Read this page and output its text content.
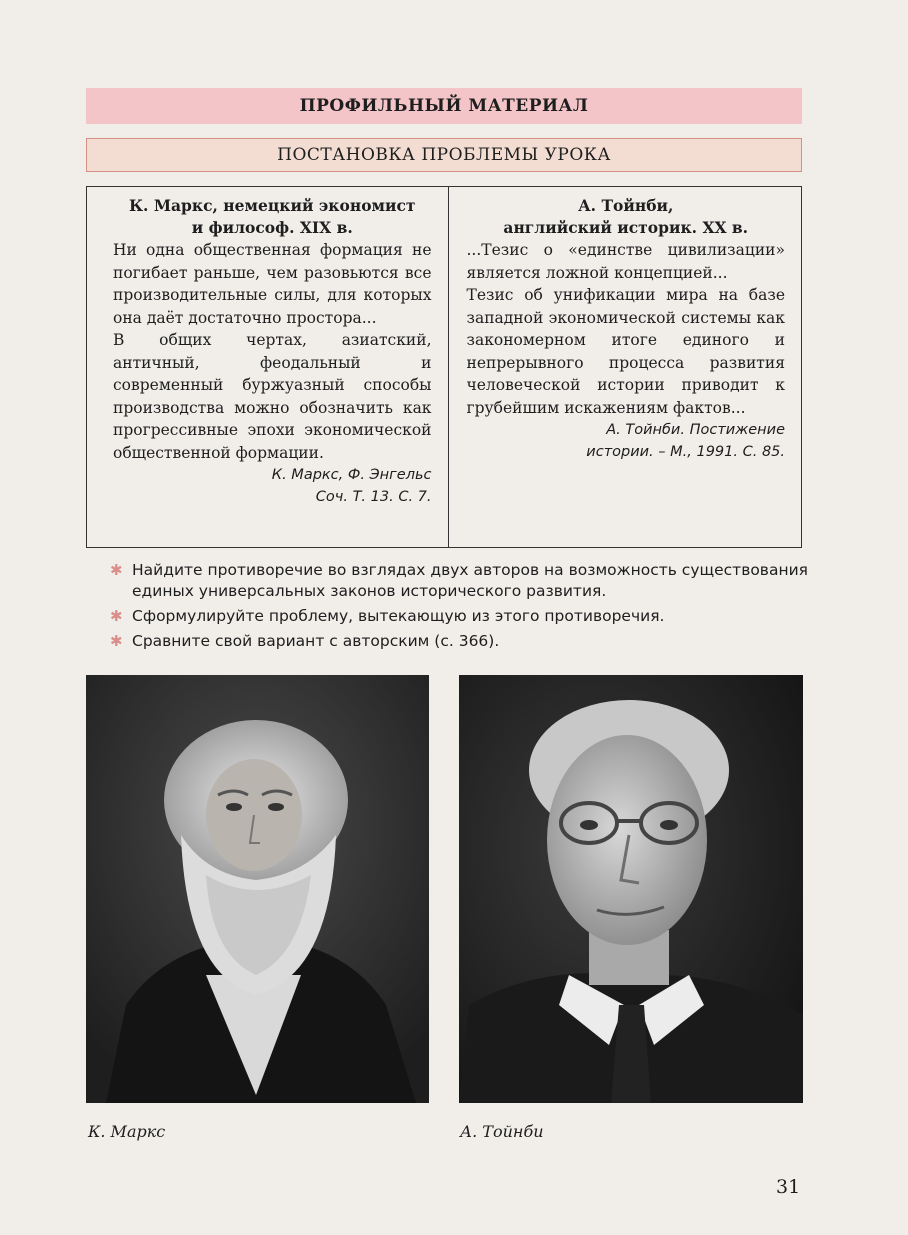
ПРОФИЛЬНЫЙ МАТЕРИАЛ
ПОСТАНОВКА ПРОБЛЕМЫ УРОКА
К. Маркс, немецкий экономист
и философ. XIX в.

Ни одна общественная формация не погибает раньше, чем разовьются все производительные силы, для которых она даёт достаточно простора...

В общих чертах, азиатский, античный, феодальный и современный буржуазный способы производства можно обозначить как прогрессивные эпохи экономической общественной формации.

К. Маркс, Ф. Энгельс
Соч. Т. 13. С. 7.
А. Тойнби,
английский историк. XX в.

...Тезис о «единстве цивилизации» является ложной концепцией...

Тезис об унификации мира на базе западной экономической системы как закономерном итоге единого и непрерывного процесса развития человеческой истории приводит к грубейшим искажениям фактов...

А. Тойнби. Постижение
истории. – М., 1991. С. 85.
✱ Найдите противоречие во взглядах двух авторов на возможность существования единых универсальных законов исторического развития.
✱ Сформулируйте проблему, вытекающую из этого противоречия.
✱ Сравните свой вариант с авторским (с. 366).
К. Маркс	А. Тойнби
31
